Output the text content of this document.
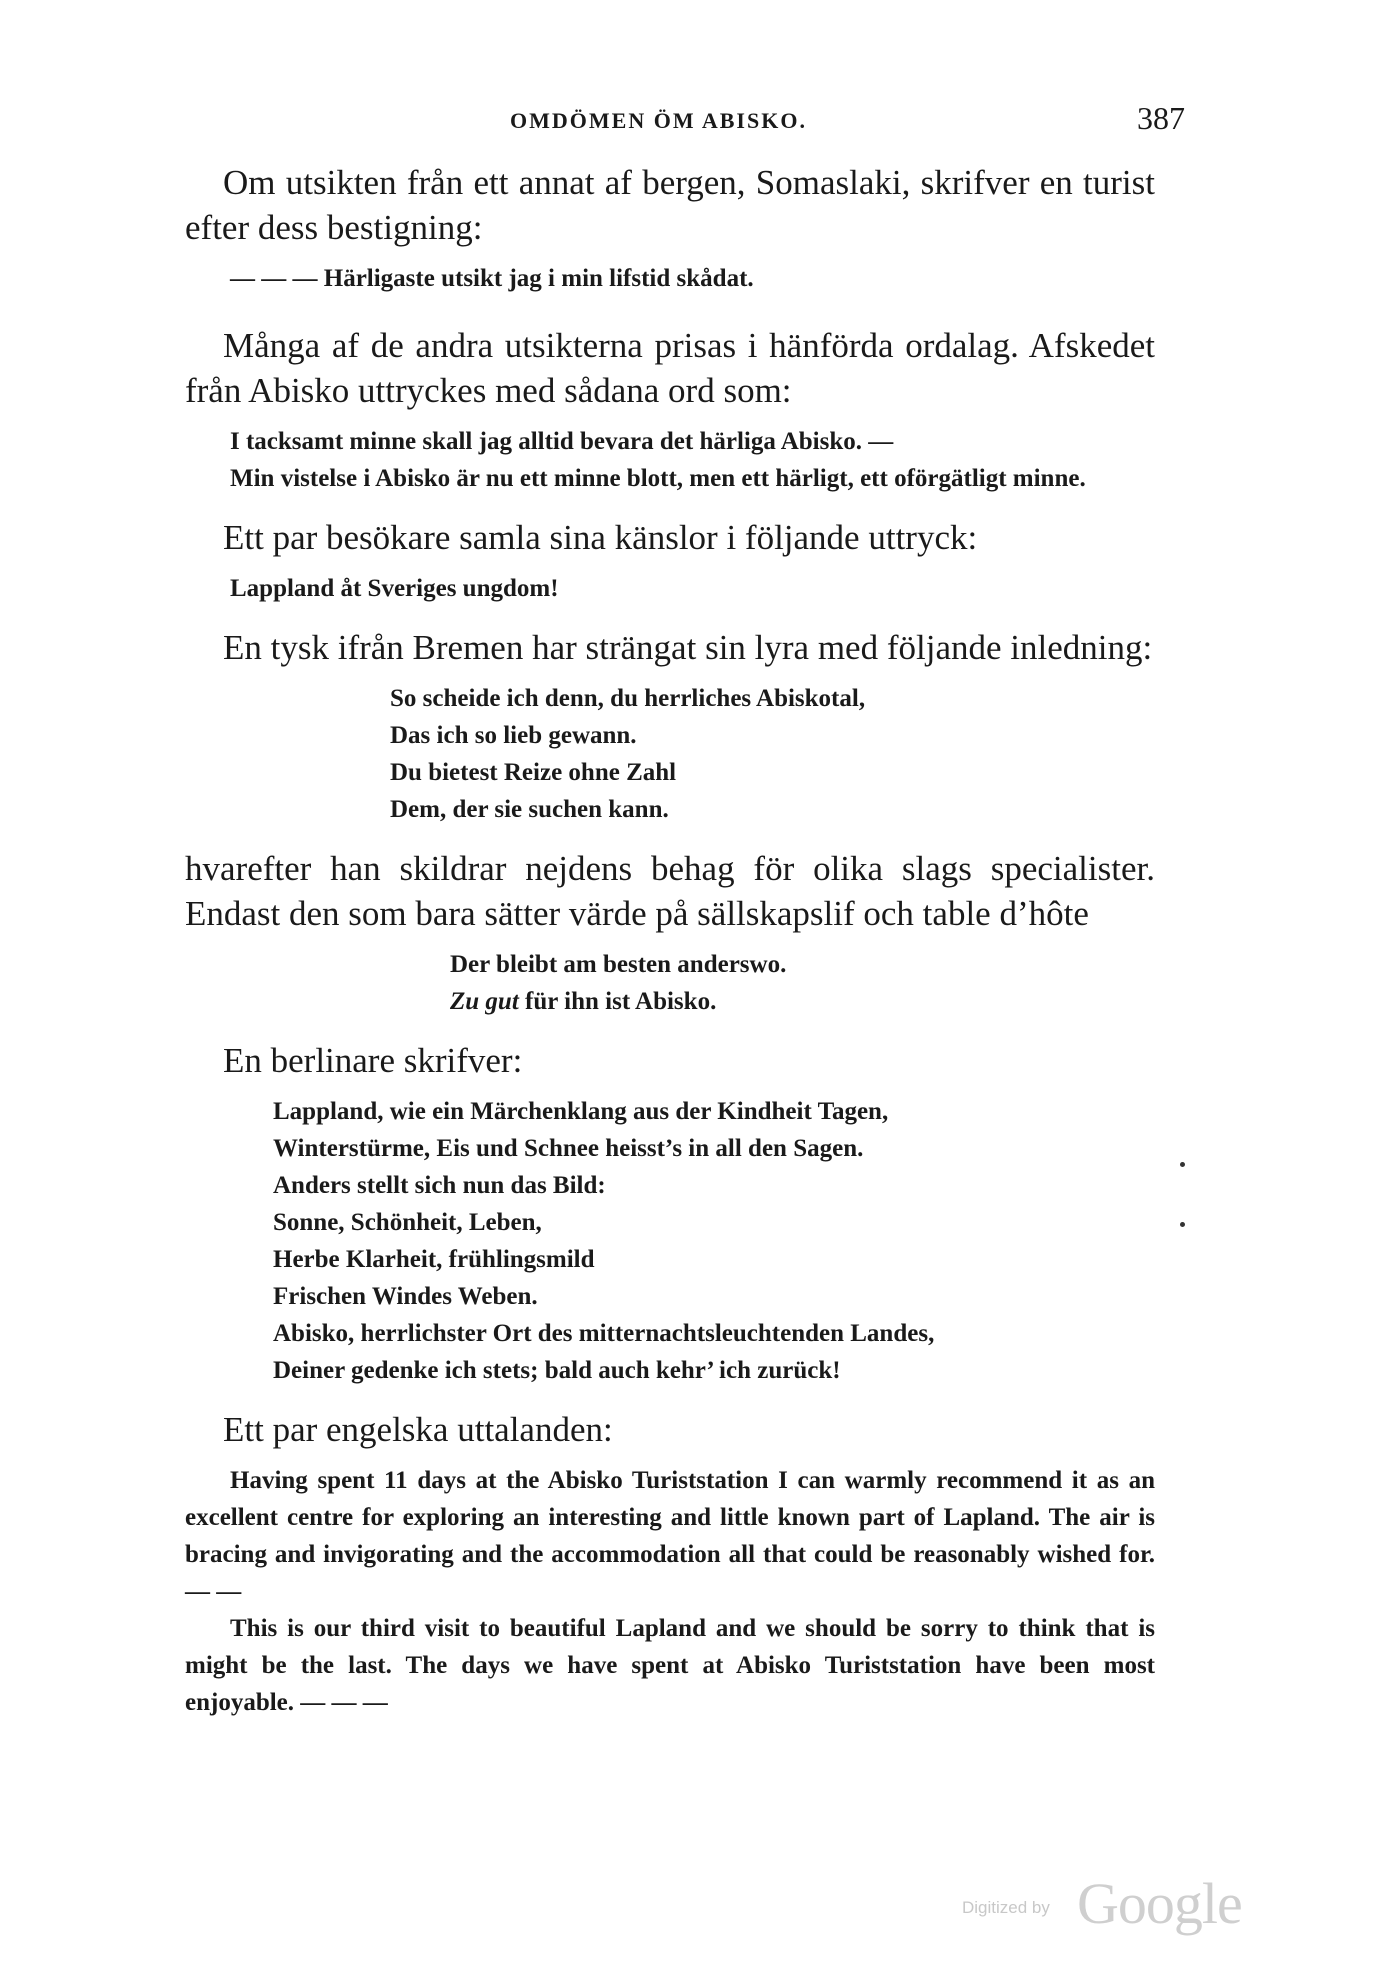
OMDÖMEN ÖM ABISKO.	387

Om utsikten från ett annat af bergen, Somaslaki, skrifver en turist efter dess bestigning:

— — — Härligaste utsikt jag i min lifstid skådat.

Många af de andra utsikterna prisas i hänförda ordalag. Afskedet från Abisko uttryckes med sådana ord som:

I tacksamt minne skall jag alltid bevara det härliga Abisko. —

Min vistelse i Abisko är nu ett minne blott, men ett härligt, ett oförgätligt minne.

Ett par besökare samla sina känslor i följande uttryck:

Lappland åt Sveriges ungdom!

En tysk ifrån Bremen har strängat sin lyra med följande inledning:

So scheide ich denn, du herrliches Abiskotal,
Das ich so lieb gewann.
Du bietest Reize ohne Zahl
Dem, der sie suchen kann.

hvarefter han skildrar nejdens behag för olika slags specialister. Endast den som bara sätter värde på sällskapslif och table d’hôte

Der bleibt am besten anderswo.
Zu gut für ihn ist Abisko.

En berlinare skrifver:

Lappland, wie ein Märchenklang aus der Kindheit Tagen,
Winterstürme, Eis und Schnee heisst’s in all den Sagen.
Anders stellt sich nun das Bild:
Sonne, Schönheit, Leben,
Herbe Klarheit, frühlingsmild
Frischen Windes Weben.
Abisko, herrlichster Ort des mitternachtsleuchtenden Landes,
Deiner gedenke ich stets; bald auch kehr’ ich zurück!

Ett par engelska uttalanden:

Having spent 11 days at the Abisko Turiststation I can warmly recommend it as an excellent centre for exploring an interesting and little known part of Lapland. The air is bracing and invigorating and the accommodation all that could be reasonably wished for. — —

This is our third visit to beautiful Lapland and we should be sorry to think that is might be the last. The days we have spent at Abisko Turiststation have been most enjoyable. — — —

Digitized by Google
